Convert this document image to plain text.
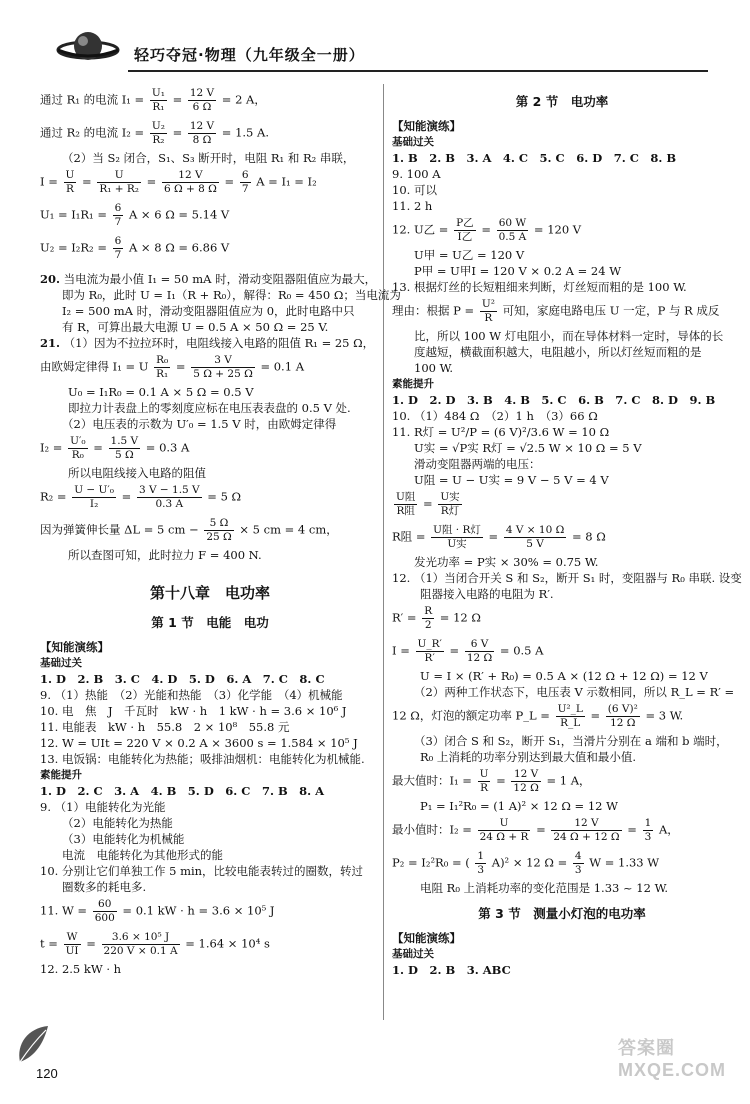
轻巧夺冠·物理（九年级全一册）
通过 R₁ 的电流 $I_1 = \frac{\text{U₁}}{\text{R₁}} = \frac{12 V}{6 \Omega} = 2$ A，
通过 R₂ 的电流 $I_2 = \frac{\text{U₂}}{\text{R₂}} = \frac{12 V}{8 \Omega} = 1.5$ A.
（2）当 S₂ 闭合，S₁、S₃ 断开时，电阻 R₁ 和 R₂ 串联，
$I = \frac{U}{R} = \frac{U}{\text{R₁ + R₂}} = \frac{12 V}{6 \Omega + 8 \Omega} = \frac{6}{7}$ A = I₁ = I₂
$U_1 = I_1R_1 = \frac{6}{7}$ A × 6 Ω = 5.14 V
$U_2 = I_2R_2 = \frac{6}{7}$ A × 8 Ω = 6.86 V
20. 当电流为最小值 I₁ = 50 mA 时，滑动变阻器阻值应为最大，
即为 R₀，此时 U = I₁（R + R₀），解得：R₀ = 450 Ω；当电流为
I₂ = 500 mA 时，滑动变阻器阻值应为 0，此时电路中只
有 R，可算出最大电源 U = 0.5 A × 50 Ω = 25 V.
21. （1）因为不拉拉环时，电阻线接入电路的阻值 R₁ = 25 Ω，
由欧姆定律得 I₁ = U $\frac{\text{R₀}}{\text{R₁}} = \frac{3 V}{5 \Omega + 25 \Omega} = 0.1$ A
U₀ = I₁R₀ = 0.1 A × 5 Ω = 0.5 V
即拉力计表盘上的零刻度应标在电压表表盘的 0.5 V 处.
（2）电压表的示数为 U′₀ = 1.5 V 时，由欧姆定律得
$I_2 = \frac{\text{U′₀}}{\text{R₀}} = \frac{1.5 V}{5 \Omega} = 0.3$ A
所以电阻线接入电路的阻值
$R_2 = \frac{\text{U − U′₀}}{\text{I₂}} = \frac{3 V - 1.5 V}{0.3 A} = 5$ Ω
因为弹簧伸长量 ΔL = 5 cm − $\frac{5 \Omega}{25 \Omega} \times 5$ cm = 4 cm，
所以查图可知，此时拉力 F = 400 N.
第十八章　电功率
第 1 节　电能　电功
【知能演练】
基础过关
1. D　2. B　3. C　4. D　5. D　6. A　7. C　8. C
9. （1）热能　（2）光能和热能　（3）化学能　（4）机械能
10. 电　焦　J　千瓦时　kW · h　1 kW · h = 3.6 × 10⁶ J
11. 电能表　kW · h　55.8　2 × 10⁸　55.8 元
12. W = UIt = 220 V × 0.2 A × 3600 s = 1.584 × 10⁵ J
13. 电饭锅：电能转化为热能；吸排油烟机：电能转化为机械能.
素能提升
1. D　2. C　3. A　4. B　5. D　6. C　7. B　8. A
9. （1）电能转化为光能
（2）电能转化为热能
（3）电能转化为机械能
电流　电能转化为其他形式的能
10. 分别让它们单独工作 5 min，比较电能表转过的圈数，转过
圈数多的耗电多.
11. $W = \frac{60}{600} = 0.1$ kW · h = 3.6 × 10⁵ J
$t = \frac{W}{UI} = \frac{\text{3.6 × 10⁵ J}}{220 V \times 0.1 A} = 1.64 \times 10^4$ s
12. 2.5 kW · h
第 2 节　电功率
【知能演练】
基础过关
1. B　2. B　3. A　4. C　5. C　6. D　7. C　8. B
9. 100 A
10. 可以
11. 2 h
12. U乙 = $\frac{\text{P乙}}{\text{I乙}} = \frac{60 W}{0.5 A} = 120$ V
U甲 = U乙 = 120 V
P甲 = U甲I = 120 V × 0.2 A = 24 W
13. 根据灯丝的长短粗细来判断，灯丝短而粗的是 100 W.
理由：根据 $P = \frac{\text{U²}}{R}$ 可知，家庭电路电压 U 一定，P 与 R 成反
比，所以 100 W 灯电阻小，而在导体材料一定时，导体的长
度越短，横截面积越大，电阻越小，所以灯丝短而粗的是
100 W.
素能提升
1. D　2. D　3. B　4. B　5. C　6. B　7. C　8. D　9. B
10. （1）484 Ω　（2）1 h　（3）66 Ω
11. R灯 = U²/P = (6 V)²/3.6 W = 10 Ω
U实 = √P实 R灯 = √2.5 W × 10 Ω = 5 V
滑动变阻器两端的电压：
U阻 = U − U实 = 9 V − 5 V = 4 V
$\frac{\text{U阻}}{\text{R阻}} = \frac{\text{U实}}{\text{R灯}}$
R阻 = $\frac{\text{U阻 · R灯}}{\text{U实}} = \frac{4 V \times 10 \Omega}{5 V} = 8$ Ω
发光功率 = P实 × 30% = 0.75 W.
12. （1）当闭合开关 S 和 S₂，断开 S₁ 时，变阻器与 R₀ 串联. 设变
阻器接入电路的电阻为 R′.
$R' = \frac{R}{2} = 12$ Ω
$I = \frac{U\_R'}{R'} = \frac{6 V}{12 \Omega} = 0.5$ A
U = I × (R′ + R₀) = 0.5 A × (12 Ω + 12 Ω) = 12 V
（2）两种工作状态下，电压表 V 示数相同，所以 R_L = R′ =
12 Ω，灯泡的额定功率 P_L = $\frac{\text{U²\_L}}{R\_L} = \frac{\text{(6 V)²}}{12 \Omega} = 3$ W.
（3）闭合 S 和 S₂，断开 S₁，当滑片分别在 a 端和 b 端时，
R₀ 上消耗的功率分别达到最大值和最小值.
最大值时：$I_1 = \frac{U}{R} = \frac{12 V}{12 \Omega} = 1$ A，
P₁ = I₁²R₀ = (1 A)² × 12 Ω = 12 W
最小值时：$I_2 = \frac{U}{24 \Omega + R} = \frac{12 V}{24 \Omega + 12 \Omega} = \frac{1}{3}$ A，
P₂ = I₂²R₀ = ( $\frac{1}{3} A)^2 \times 12$ $\Omega = \frac{4}{3}$ W = 1.33 W
电阻 R₀ 上消耗功率的变化范围是 1.33 ~ 12 W.
第 3 节　测量小灯泡的电功率
【知能演练】
基础过关
1. D　2. B　3. ABC
120
答案圈
MXQE.COM
